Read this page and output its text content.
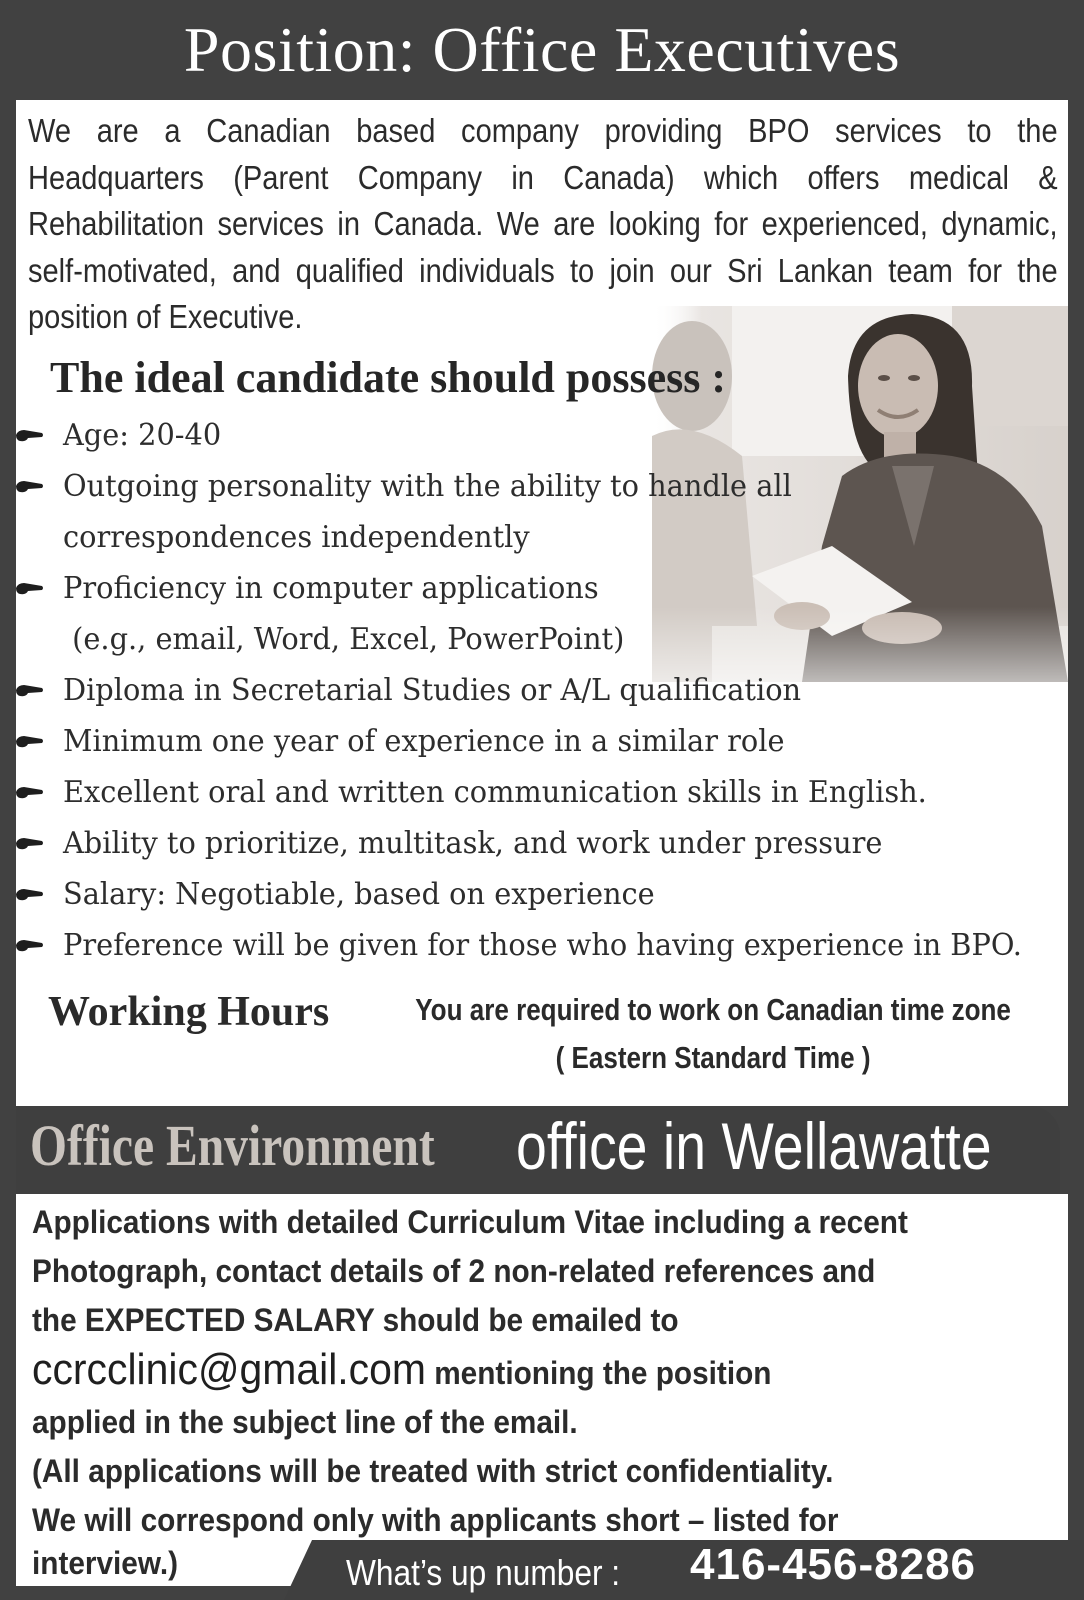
Position: Office Executives
We are a Canadian based company providing BPO services to the Headquarters (Parent Company in Canada) which offers medical & Rehabilitation services in Canada. We are looking for experienced, dynamic, self-motivated, and qualified individuals to join our Sri Lankan team for the position of Executive.
The ideal candidate should possess :
Age: 20-40
Outgoing personality with the ability to handle all
correspondences independently
Proficiency in computer applications
(e.g., email, Word, Excel, PowerPoint)
Diploma in Secretarial Studies or A/L qualification
Minimum one year of experience in a similar role
Excellent oral and written communication skills in English.
Ability to prioritize, multitask, and work under pressure
Salary: Negotiable, based on experience
Preference will be given for those who having experience in BPO.
Working Hours	You are required to work on Canadian time zone
( Eastern Standard Time )
Office Environment office in Wellawatte
Applications with detailed Curriculum Vitae including a recent
Photograph, contact details of 2 non-related references and
the EXPECTED SALARY should be emailed to
ccrcclinic@gmail.com mentioning the position
applied in the subject line of the email.
(All applications will be treated with strict confidentiality.
We will correspond only with applicants short – listed for
interview.)	What’s up number : 416-456-8286
